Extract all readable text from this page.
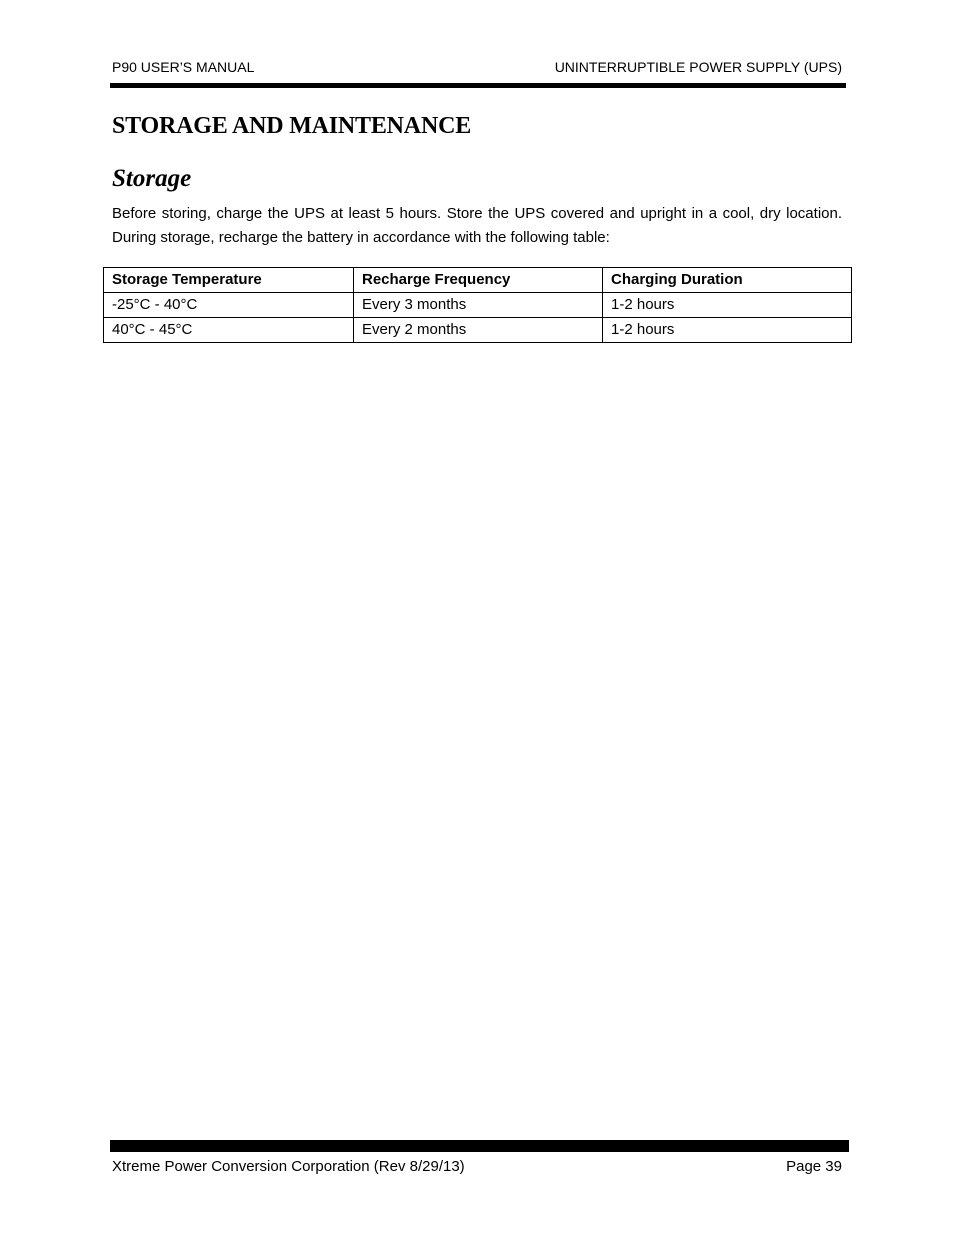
P90 USER’S MANUAL	UNINTERRUPTIBLE POWER SUPPLY (UPS)
STORAGE AND MAINTENANCE
Storage

Before storing, charge the UPS at least 5 hours. Store the UPS covered and upright in a cool, dry location. During storage, recharge the battery in accordance with the following table:

Storage Temperature	Recharge Frequency	Charging Duration
-25°C - 40°C	Every 3 months	1-2 hours
40°C - 45°C	Every 2 months	1-2 hours
Xtreme Power Conversion Corporation (Rev 8/29/13)	Page 39
